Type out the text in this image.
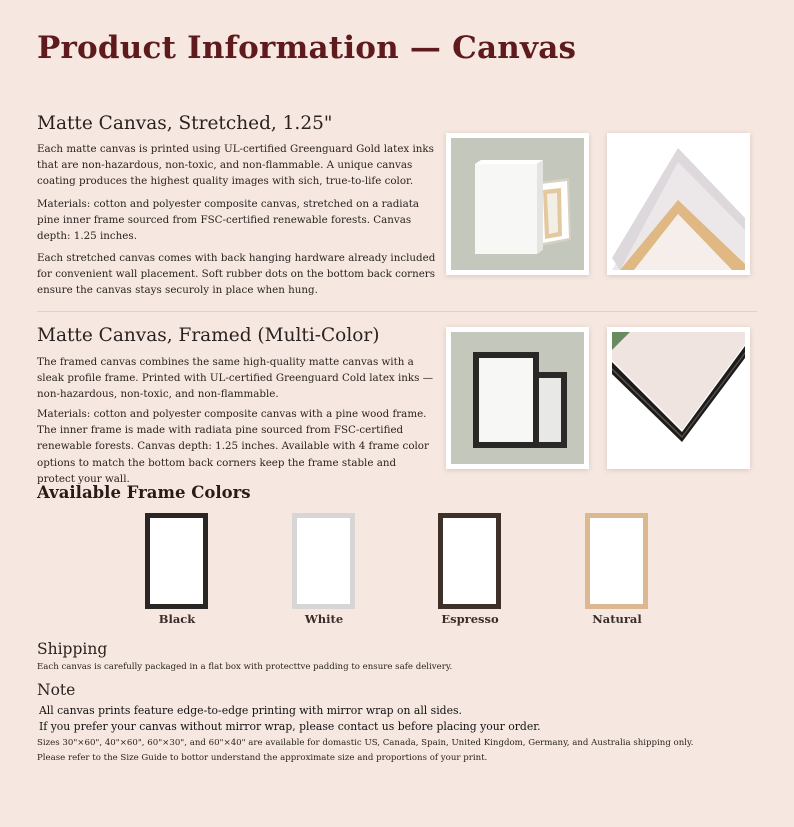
Product Information — Canvas
Matte Canvas, Stretched, 1.25"
Each matte canvas is printed using UL-certified Greenguard Gold latex inks that are non-hazardous, non-toxic, and non-flammable. A unique canvas coating produces the highest quality images with sich, true-to-life color.
Materials: cotton and polyester composite canvas, stretched on a radiata pine inner frame sourced from FSC-certified renewable forests. Canvas depth: 1.25 inches.
Each stretched canvas comes with back hanging hardware already included for convenient wall placement. Soft rubber dots on the bottom back corners ensure the canvas stays securoly in place when hung.
Matte Canvas, Framed (Multi-Color)
The framed canvas combines the same high-quality matte canvas with a sleak profile frame. Printed with UL-certified Greenguard Cold latex inks — non-hazardous, non-toxic, and non-flammable.
Materials: cotton and polyester composite canvas with a pine wood frame. The inner frame is made with radiata pine sourced from FSC-certified renewable forests. Canvas depth: 1.25 inches. Available with 4 frame color options to match the bottom back corners keep the frame stable and protect your wall.
Available Frame Colors
Black	White	Espresso	Natural
Shipping
Each canvas is carefully packaged in a flat box with protecttve padding to ensure safe delivery.
Note
All canvas prints feature edge-to-edge printing with mirror wrap on all sides.
If you prefer your canvas without mirror wrap, please contact us before placing your order.
Sizes 30"×60", 40"×60", 60"×30", and 60"×40" are available for domastic US, Canada, Spain, United Kingdom, Germany, and Australia shipping only.
Please refer to the Size Guide to bottor understand the approximate size and proportions of your print.
